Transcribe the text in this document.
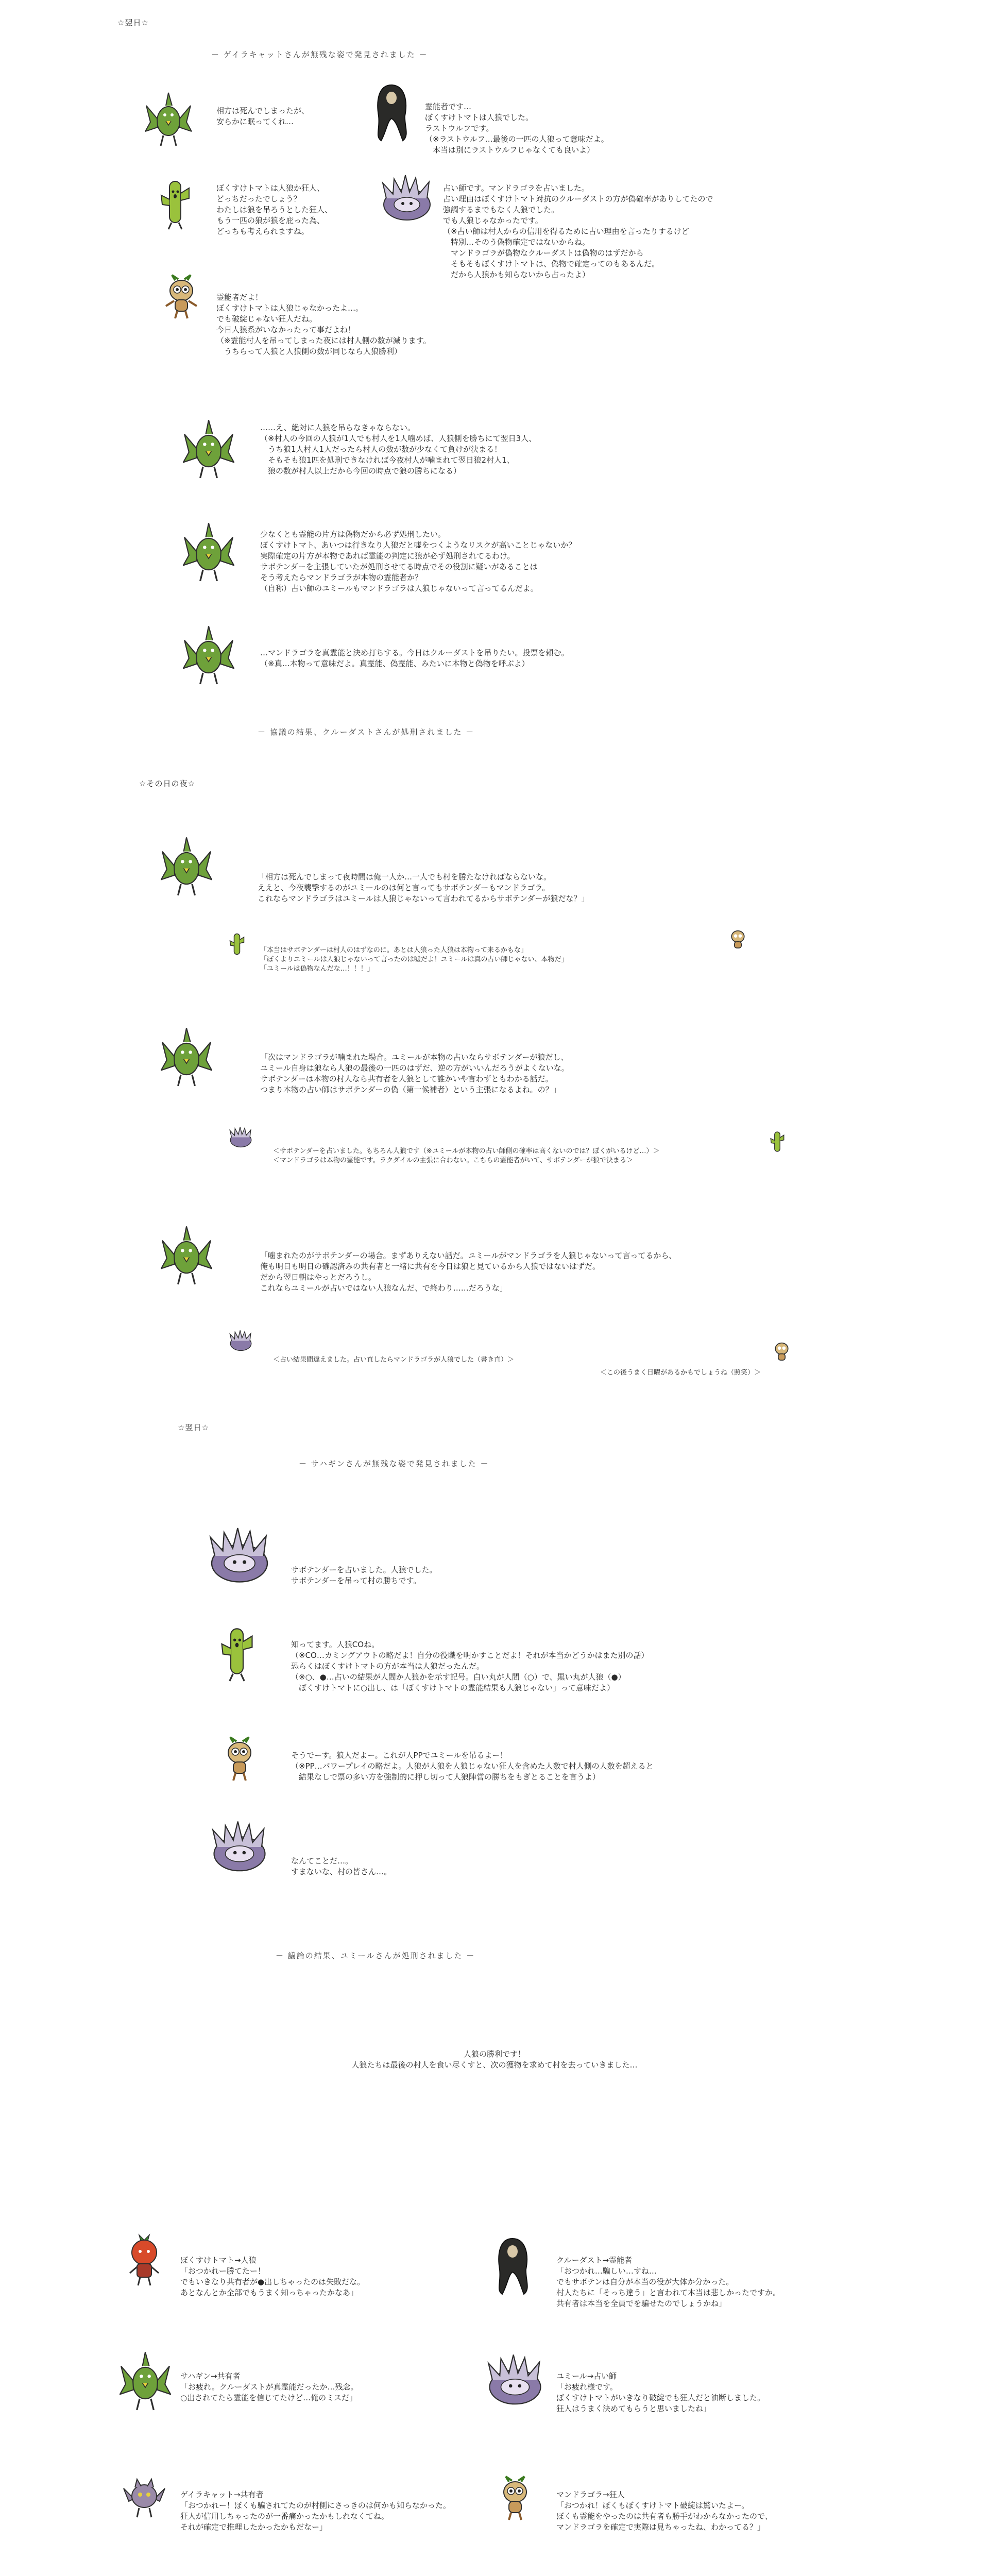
☆翌日☆
－ ゲイラキャットさんが無残な姿で発見されました －

相方は死んでしまったが、
安らかに眠ってくれ…

霊能者です…
ぼくすけトマトは人狼でした。
ラストウルフです。
（※ラストウルフ…最後の一匹の人狼って意味だよ。
　本当は別にラストウルフじゃなくても良いよ）

ぼくすけトマトは人狼か狂人、
どっちだったでしょう？
わたしは狼を吊ろうとした狂人、
もう一匹の狼が狼を庇った為、
どっちも考えられますね。

占い師です。マンドラゴラを占いました。
占い理由はぼくすけトマト対抗のクルーダストの方が偽確率がありしてたので
強調するまでもなく人狼でした。
でも人狼じゃなかったです。
（※占い師は村人からの信用を得るために占い理由を言ったりするけど
　特別…そのう偽物確定ではないからね。
　マンドラゴラが偽物なクルーダストは偽物のはずだから
　そもそもぼくすけトマトは、偽物で確定ってのもあるんだ。
　だから人狼かも知らないから占ったよ）

霊能者だよ！
ぼくすけトマトは人狼じゃなかったよ…。
でも破綻じゃない狂人だね。
今日人狼系がいなかったって事だよね！
（※霊能村人を吊ってしまった夜には村人側の数が減ります。
　うちらって人狼と人狼側の数が同じなら人狼勝利）

……え、絶対に人狼を吊らなきゃならない。
（※村人の今回の人狼が1人でも村人を1人噛めば、人狼側を勝ちにて翌日3人、
　うち狼1人村人1人だったら村人の数が数が少なくて負けが決まる！
　そもそも狼1匹を処刑できなければ今夜村人が噛まれて翌日狼2村人1、
　狼の数が村人以上だから今回の時点で狼の勝ちになる）

少なくとも霊能の片方は偽物だから必ず処刑したい。
ぼくすけトマト、あいつは行きなり人狼だと嘘をつくようなリスクが高いことじゃないか？
実際確定の片方が本物であれば霊能の判定に狼が必ず処刑されてるわけ。
サボテンダーを主張していたが処刑させてる時点でその役割に疑いがあることは
そう考えたらマンドラゴラが本物の霊能者か？
（自称）占い師のユミールもマンドラゴラは人狼じゃないって言ってるんだよ。

…マンドラゴラを真霊能と決め打ちする。今日はクルーダストを吊りたい。投票を頼む。
（※真…本物って意味だよ。真霊能、偽霊能、みたいに本物と偽物を呼ぶよ）

－ 協議の結果、クルーダストさんが処刑されました －
☆その日の夜☆

「相方は死んでしまって夜時間は俺一人か…一人でも村を勝たなければならないな。
ええと、今夜襲撃するのがユミールのは何と言ってもサボテンダーもマンドラゴラ。
これならマンドラゴラはユミールは人狼じゃないって言われてるからサボテンダーが狼だな？」

「本当はサボテンダーは村人のはずなのに。あとは人狼った人狼は本物って来るかもな」
「ぼくよりユミールは人狼じゃないって言ったのは嘘だよ！ユミールは真の占い師じゃない、本物だ」
「ユミールは偽物なんだな…！！！」

「次はマンドラゴラが噛まれた場合。ユミールが本物の占いならサボテンダーが狼だし、
ユミール自身は狼なら人狼の最後の一匹のはずだ、逆の方がいいんだろうがよくないな。
サボテンダーは本物の村人なら共有者を人狼として誰かいや言わずともわかる話だ。
つまり本物の占い師はサボテンダーの偽（第一候補者）という主張になるよね。の？」

＜サボテンダーを占いました。もちろん人狼です（※ユミールが本物の占い師側の確率は高くないのでは？ぼくがいるけど…）＞
＜マンドラゴラは本物の霊能です。ラクダイルの主張に合わない。こちらの霊能者がいて、サボテンダーが狼で決まる＞

「噛まれたのがサボテンダーの場合。まずありえない話だ。ユミールがマンドラゴラを人狼じゃないって言ってるから、
俺も明日も明日の確認済みの共有者と一緒に共有を今日は狼と見ているから人狼ではないはずだ。
だから翌日朝はやっとだろうし。
これならユミールが占いではない人狼なんだ、で終わり……だろうな」

＜占い結果間違えました。占い直したらマンドラゴラが人狼でした（書き直）＞

＜この後うまく日曜があるかもでしょうね（照笑）＞

☆翌日☆
－ サハギンさんが無残な姿で発見されました －

サボテンダーを占いました。人狼でした。
サボテンダーを吊って村の勝ちです。

知ってます。人狼COね。
（※CO…カミングアウトの略だよ！自分の役職を明かすことだよ！それが本当かどうかはまた別の話）
恐らくはぼくすけトマトの方が本当は人狼だったんだ。
（※○、●…占いの結果が人間か人狼かを示す記号。白い丸が人間（○）で、黒い丸が人狼（●）
　ぼくすけトマトに○出し、は「ぼくすけトマトの霊能結果も人狼じゃない」って意味だよ）

そうでーす。狼人だよー。これが人PPでユミールを吊るよー！
（※PP…パワープレイの略だよ。人狼が人狼を人狼じゃない狂人を含めた人数で村人側の人数を超えると
　結果なしで票の多い方を強制的に押し切って人狼陣営の勝ちをもぎとることを言うよ）

なんてことだ…。
すまないな、村の皆さん…。

－ 議論の結果、ユミールさんが処刑されました －

人狼の勝利です！
人狼たちは最後の村人を食い尽くすと、次の獲物を求めて村を去っていきました…

ぼくすけトマト→人狼
「おつかれー勝てたー！
でもいきなり共有者が●出しちゃったのは失敗だな。
あとなんとか全部でもうまく知っちゃったかなあ」

クルーダスト→霊能者
「おつかれ…騙しい…すね…
でもサボテンは自分が本当の役が大体か分かった。
村人たちに「そっち違う」と言われて本当は悲しかったですか。
共有者は本当を全員でを騙せたのでしょうかね」

サハギン→共有者
「お疲れ。クルーダストが真霊能だったか…残念。
○出されてたら霊能を信じてたけど…俺のミスだ」

ユミール→占い師
「お疲れ様です。
ぼくすけトマトがいきなり破綻でも狂人だと油断しました。
狂人はうまく決めてもらうと思いましたね」

ゲイラキャット→共有者
「おつかれー！ぼくも騙されてたのが村側にさっきのは何かも知らなかった。
狂人が信用しちゃったのが一番痛かったかもしれなくてね。
それが確定で推理したかったかもだなー」

マンドラゴラ→狂人
「おつかれ！ぼくもぼくすけトマト破綻は驚いたよー。
ぼくも霊能をやったのは共有者も勝手がわからなかったので、
マンドラゴラを確定で実際は見ちゃったね、わかってる？」
